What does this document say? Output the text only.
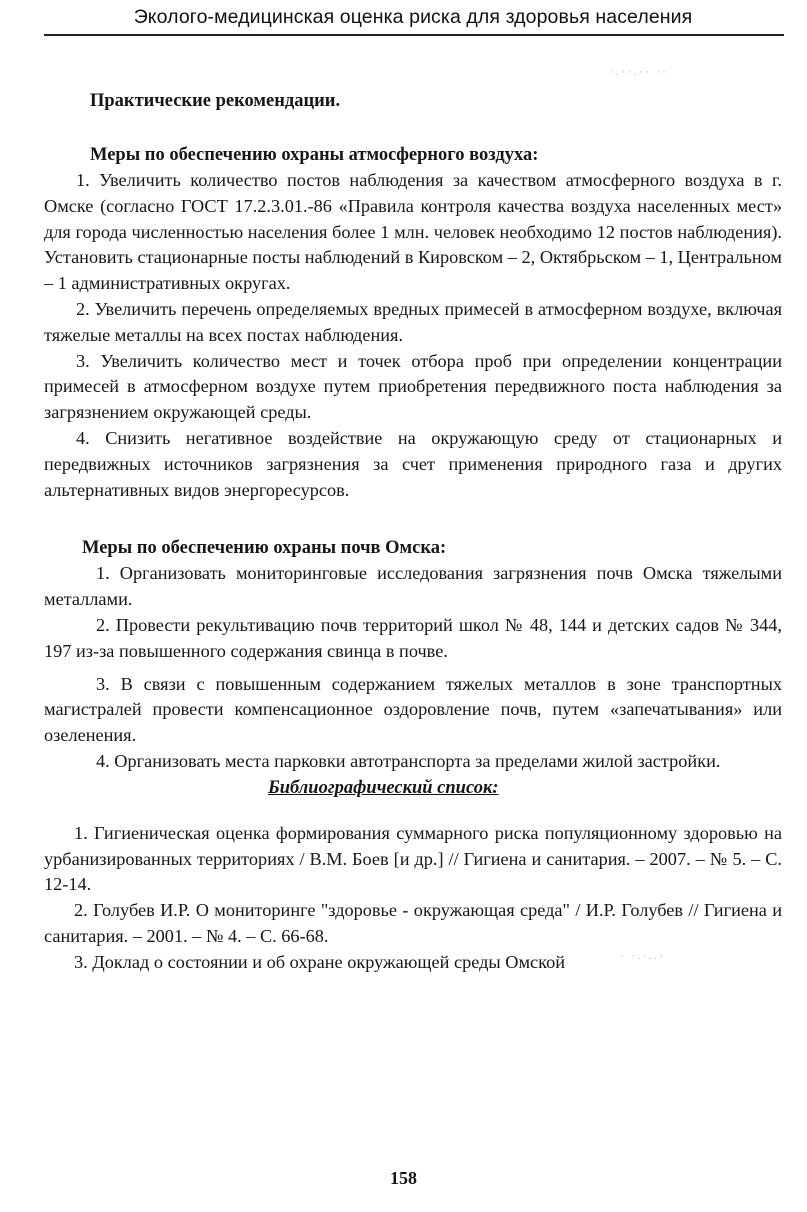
Эколого-медицинская оценка риска для здоровья населения
·.··.·· ··
· ·.·..·

Практические рекомендации.

Меры по обеспечению охраны атмосферного воздуха:

1. Увеличить количество постов наблюдения за качеством атмосферного воздуха в г. Омске (согласно ГОСТ 17.2.3.01.-86 «Правила контроля качества воздуха населенных мест» для города численностью населения более 1 млн. человек необходимо 12 постов наблюдения). Установить стационарные посты наблюдений в Кировском – 2, Октябрьском – 1, Центральном – 1 административных округах.

2. Увеличить перечень определяемых вредных примесей в атмосферном воздухе, включая тяжелые металлы на всех постах наблюдения.

3. Увеличить количество мест и точек отбора проб при определении концентрации примесей в атмосферном воздухе путем приобретения передвижного поста наблюдения за загрязнением окружающей среды.

4. Снизить негативное воздействие на окружающую среду от стационарных и передвижных источников загрязнения за счет применения природного газа и других альтернативных видов энергоресурсов.

Меры по обеспечению охраны почв Омска:

1. Организовать мониторинговые исследования загрязнения почв Омска тяжелыми металлами.

2. Провести рекультивацию почв территорий школ № 48, 144 и детских садов № 344, 197 из-за повышенного содержания свинца в почве.

3. В связи с повышенным содержанием тяжелых металлов в зоне транспортных магистралей провести компенсационное оздоровление почв, путем «запечатывания» или озеленения.

4. Организовать места парковки автотранспорта за пределами жилой застройки.

Библиографический список:

1. Гигиеническая оценка формирования суммарного риска популяционному здоровью на урбанизированных территориях / В.М. Боев [и др.] // Гигиена и санитария. – 2007. – № 5. – С. 12-14.

2. Голубев И.Р. О мониторинге "здоровье - окружающая среда" / И.Р. Голубев // Гигиена и санитария. – 2001. – № 4. – С. 66-68.

3. Доклад о состоянии и об охране окружающей среды Омской

158
